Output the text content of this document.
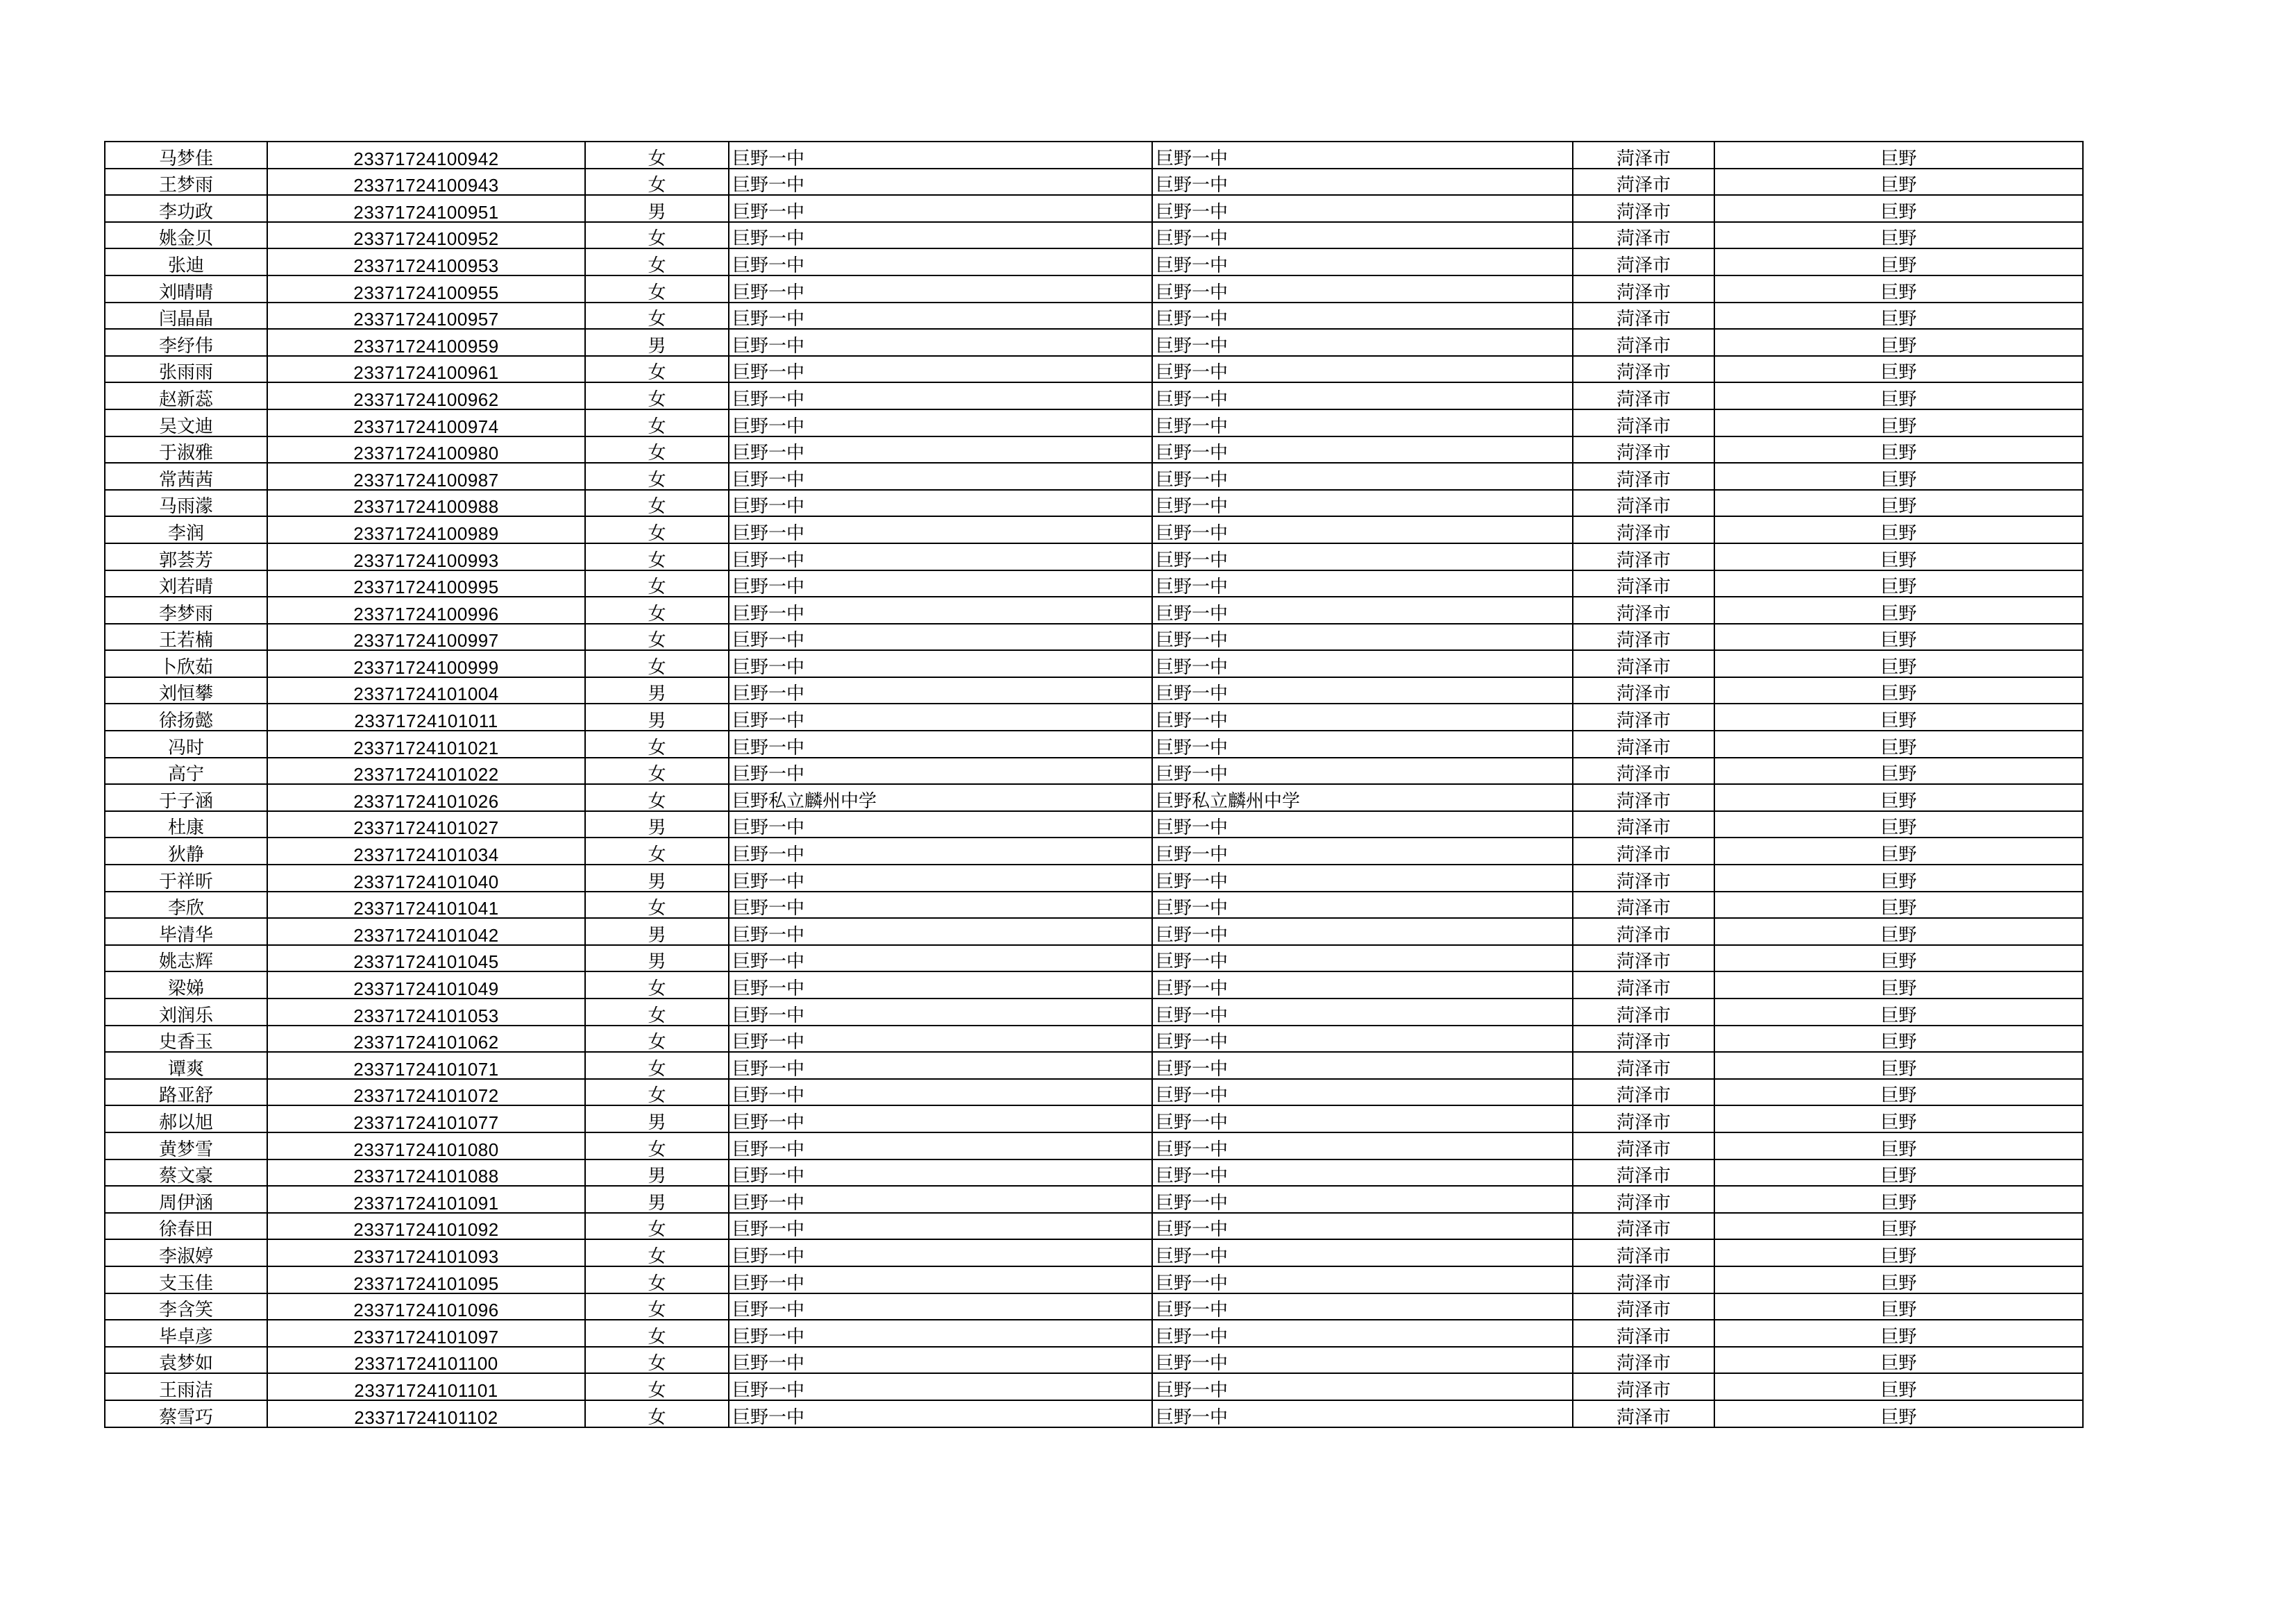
马梦佳	23371724100942	女	巨野一中	巨野一中	菏泽市	巨野
王梦雨	23371724100943	女	巨野一中	巨野一中	菏泽市	巨野
李功政	23371724100951	男	巨野一中	巨野一中	菏泽市	巨野
姚金贝	23371724100952	女	巨野一中	巨野一中	菏泽市	巨野
张迪	23371724100953	女	巨野一中	巨野一中	菏泽市	巨野
刘晴晴	23371724100955	女	巨野一中	巨野一中	菏泽市	巨野
闫晶晶	23371724100957	女	巨野一中	巨野一中	菏泽市	巨野
李纾伟	23371724100959	男	巨野一中	巨野一中	菏泽市	巨野
张雨雨	23371724100961	女	巨野一中	巨野一中	菏泽市	巨野
赵新蕊	23371724100962	女	巨野一中	巨野一中	菏泽市	巨野
吴文迪	23371724100974	女	巨野一中	巨野一中	菏泽市	巨野
于淑雅	23371724100980	女	巨野一中	巨野一中	菏泽市	巨野
常茜茜	23371724100987	女	巨野一中	巨野一中	菏泽市	巨野
马雨濛	23371724100988	女	巨野一中	巨野一中	菏泽市	巨野
李润	23371724100989	女	巨野一中	巨野一中	菏泽市	巨野
郭荟芳	23371724100993	女	巨野一中	巨野一中	菏泽市	巨野
刘若晴	23371724100995	女	巨野一中	巨野一中	菏泽市	巨野
李梦雨	23371724100996	女	巨野一中	巨野一中	菏泽市	巨野
王若楠	23371724100997	女	巨野一中	巨野一中	菏泽市	巨野
卜欣茹	23371724100999	女	巨野一中	巨野一中	菏泽市	巨野
刘恒攀	23371724101004	男	巨野一中	巨野一中	菏泽市	巨野
徐扬懿	23371724101011	男	巨野一中	巨野一中	菏泽市	巨野
冯时	23371724101021	女	巨野一中	巨野一中	菏泽市	巨野
高宁	23371724101022	女	巨野一中	巨野一中	菏泽市	巨野
于子涵	23371724101026	女	巨野私立麟州中学	巨野私立麟州中学	菏泽市	巨野
杜康	23371724101027	男	巨野一中	巨野一中	菏泽市	巨野
狄静	23371724101034	女	巨野一中	巨野一中	菏泽市	巨野
于祥昕	23371724101040	男	巨野一中	巨野一中	菏泽市	巨野
李欣	23371724101041	女	巨野一中	巨野一中	菏泽市	巨野
毕清华	23371724101042	男	巨野一中	巨野一中	菏泽市	巨野
姚志辉	23371724101045	男	巨野一中	巨野一中	菏泽市	巨野
梁娣	23371724101049	女	巨野一中	巨野一中	菏泽市	巨野
刘润乐	23371724101053	女	巨野一中	巨野一中	菏泽市	巨野
史香玉	23371724101062	女	巨野一中	巨野一中	菏泽市	巨野
谭爽	23371724101071	女	巨野一中	巨野一中	菏泽市	巨野
路亚舒	23371724101072	女	巨野一中	巨野一中	菏泽市	巨野
郝以旭	23371724101077	男	巨野一中	巨野一中	菏泽市	巨野
黄梦雪	23371724101080	女	巨野一中	巨野一中	菏泽市	巨野
蔡文豪	23371724101088	男	巨野一中	巨野一中	菏泽市	巨野
周伊涵	23371724101091	男	巨野一中	巨野一中	菏泽市	巨野
徐春田	23371724101092	女	巨野一中	巨野一中	菏泽市	巨野
李淑婷	23371724101093	女	巨野一中	巨野一中	菏泽市	巨野
支玉佳	23371724101095	女	巨野一中	巨野一中	菏泽市	巨野
李含笑	23371724101096	女	巨野一中	巨野一中	菏泽市	巨野
毕卓彦	23371724101097	女	巨野一中	巨野一中	菏泽市	巨野
袁梦如	23371724101100	女	巨野一中	巨野一中	菏泽市	巨野
王雨洁	23371724101101	女	巨野一中	巨野一中	菏泽市	巨野
蔡雪巧	23371724101102	女	巨野一中	巨野一中	菏泽市	巨野
